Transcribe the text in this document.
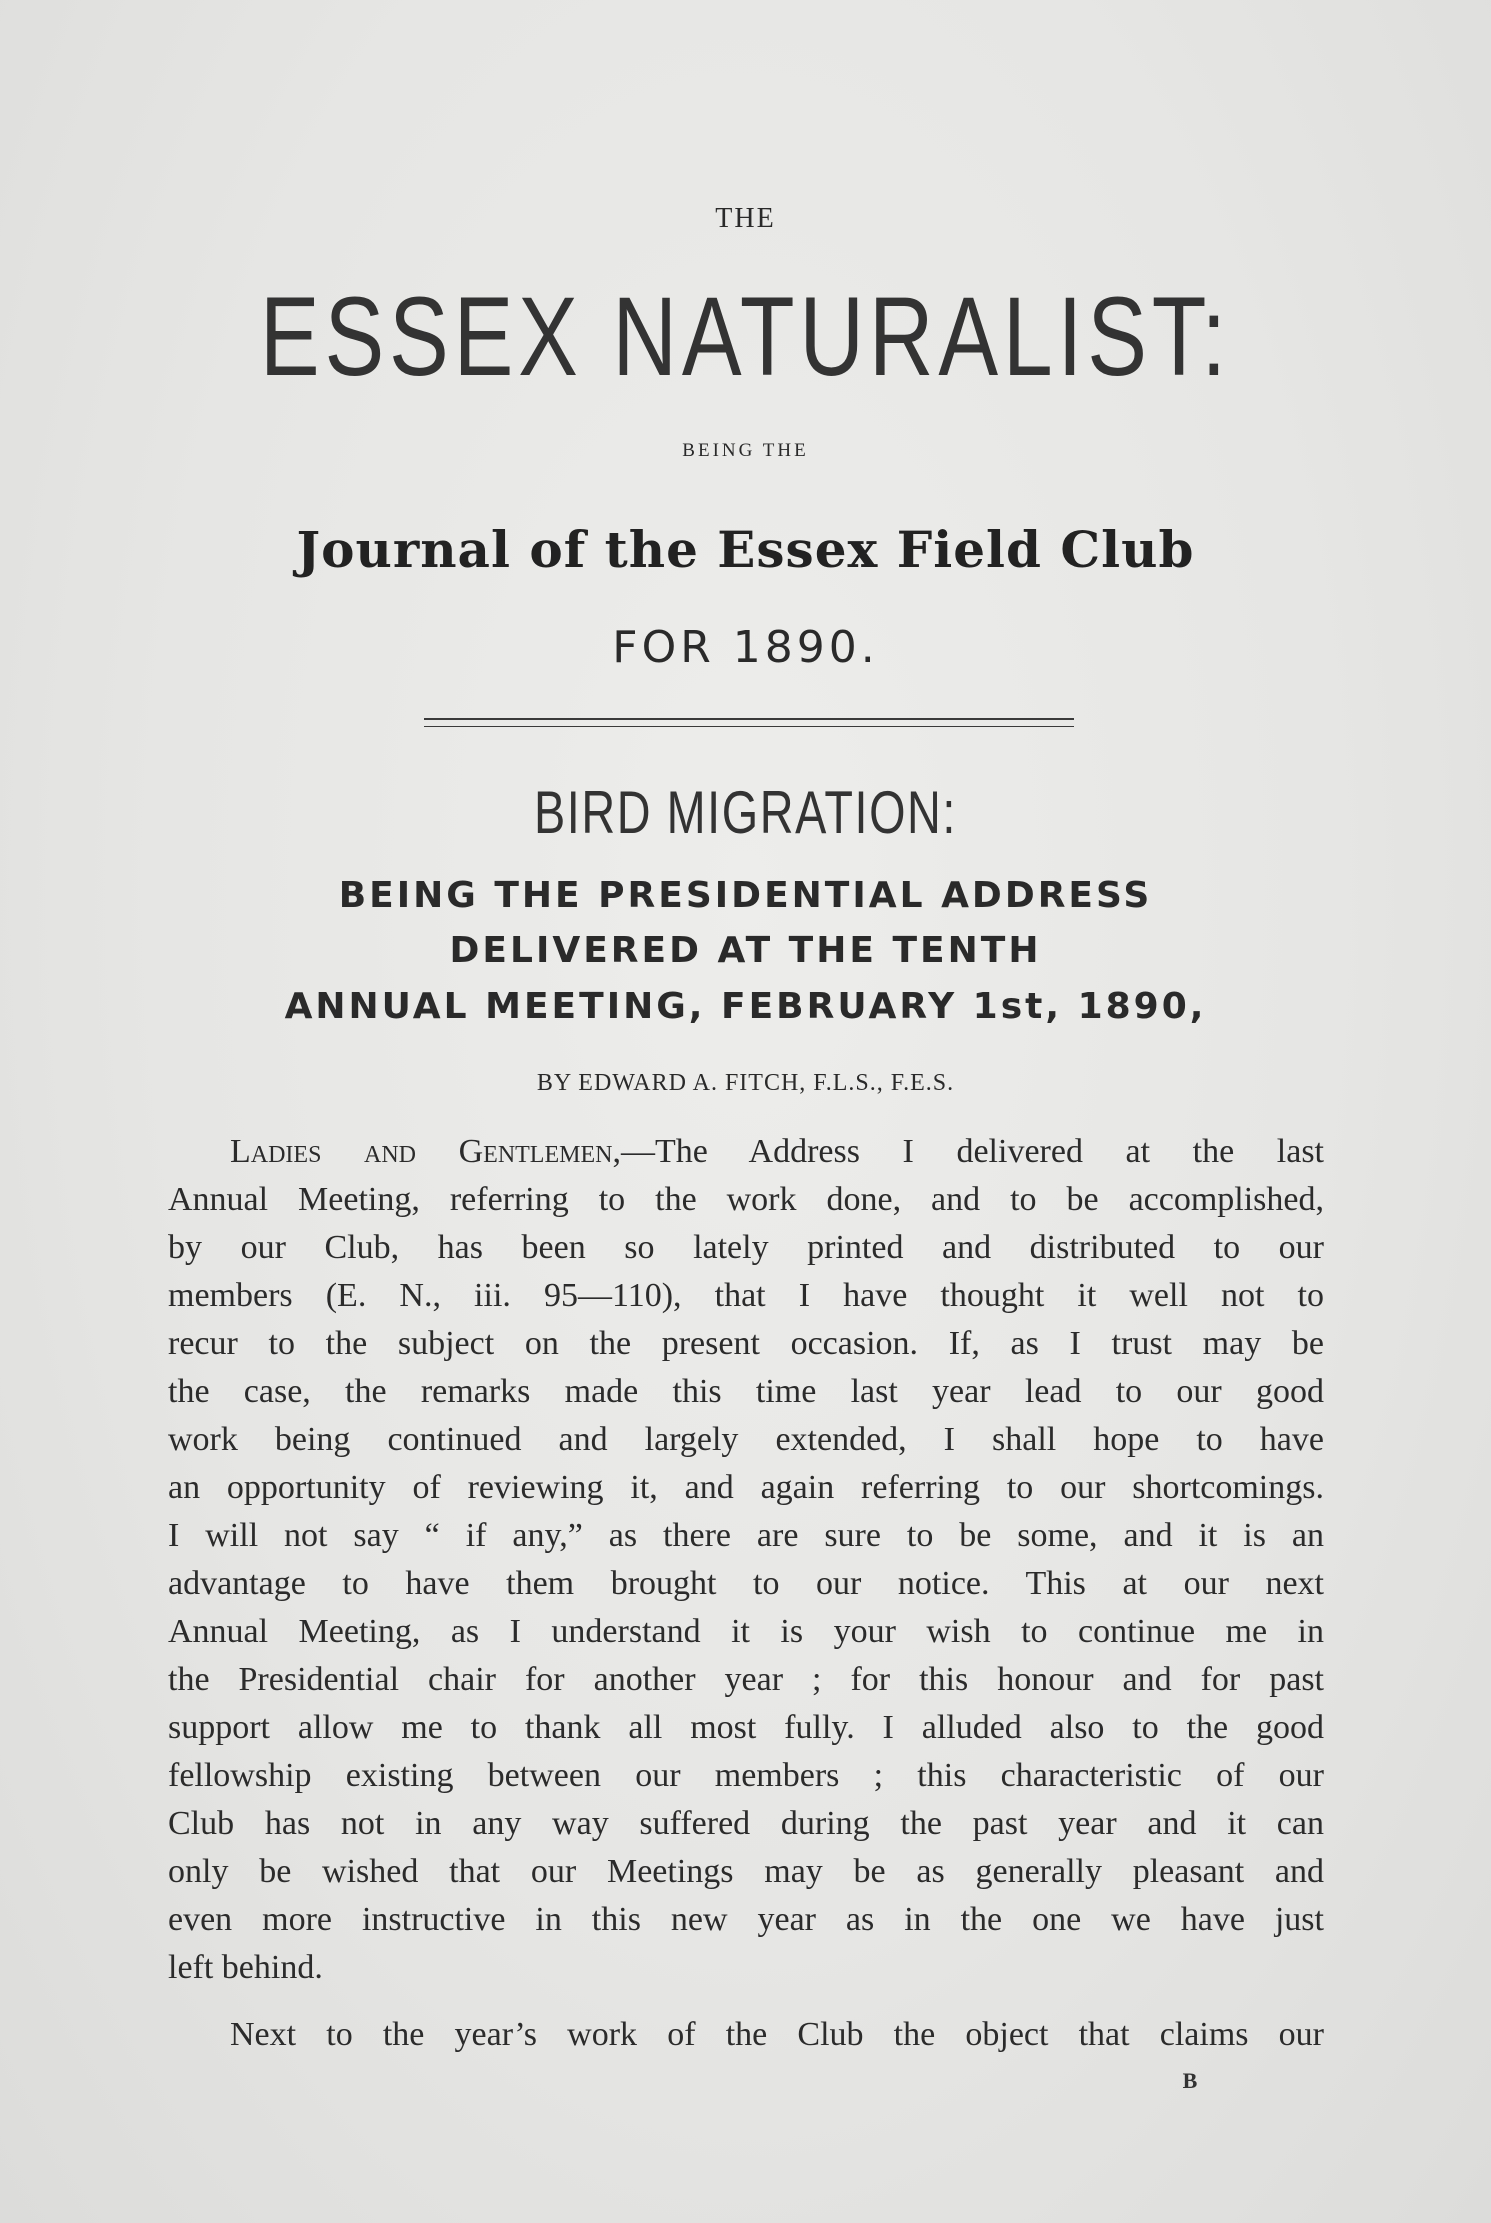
THE
ESSEX NATURALIST:
BEING THE
Journal of the Essex Field Club
FOR 1890.
BIRD MIGRATION:
BEING THE PRESIDENTIAL ADDRESS
DELIVERED AT THE TENTH
ANNUAL MEETING, FEBRUARY 1st, 1890,
BY EDWARD A. FITCH, F.L.S., F.E.S.
Ladies and Gentlemen,—The Address I delivered at the last
Annual Meeting, referring to the work done, and to be accomplished,
by our Club, has been so lately printed and distributed to our
members (E. N., iii. 95—110), that I have thought it well not to
recur to the subject on the present occasion. If, as I trust may be
the case, the remarks made this time last year lead to our good
work being continued and largely extended, I shall hope to have
an opportunity of reviewing it, and again referring to our shortcomings.
I will not say “ if any,” as there are sure to be some, and it is an
advantage to have them brought to our notice. This at our next
Annual Meeting, as I understand it is your wish to continue me in
the Presidential chair for another year ; for this honour and for past
support allow me to thank all most fully. I alluded also to the good
fellowship existing between our members ; this characteristic of our
Club has not in any way suffered during the past year and it can
only be wished that our Meetings may be as generally pleasant and
even more instructive in this new year as in the one we have just
left behind.
Next to the year’s work of the Club the object that claims our
B
